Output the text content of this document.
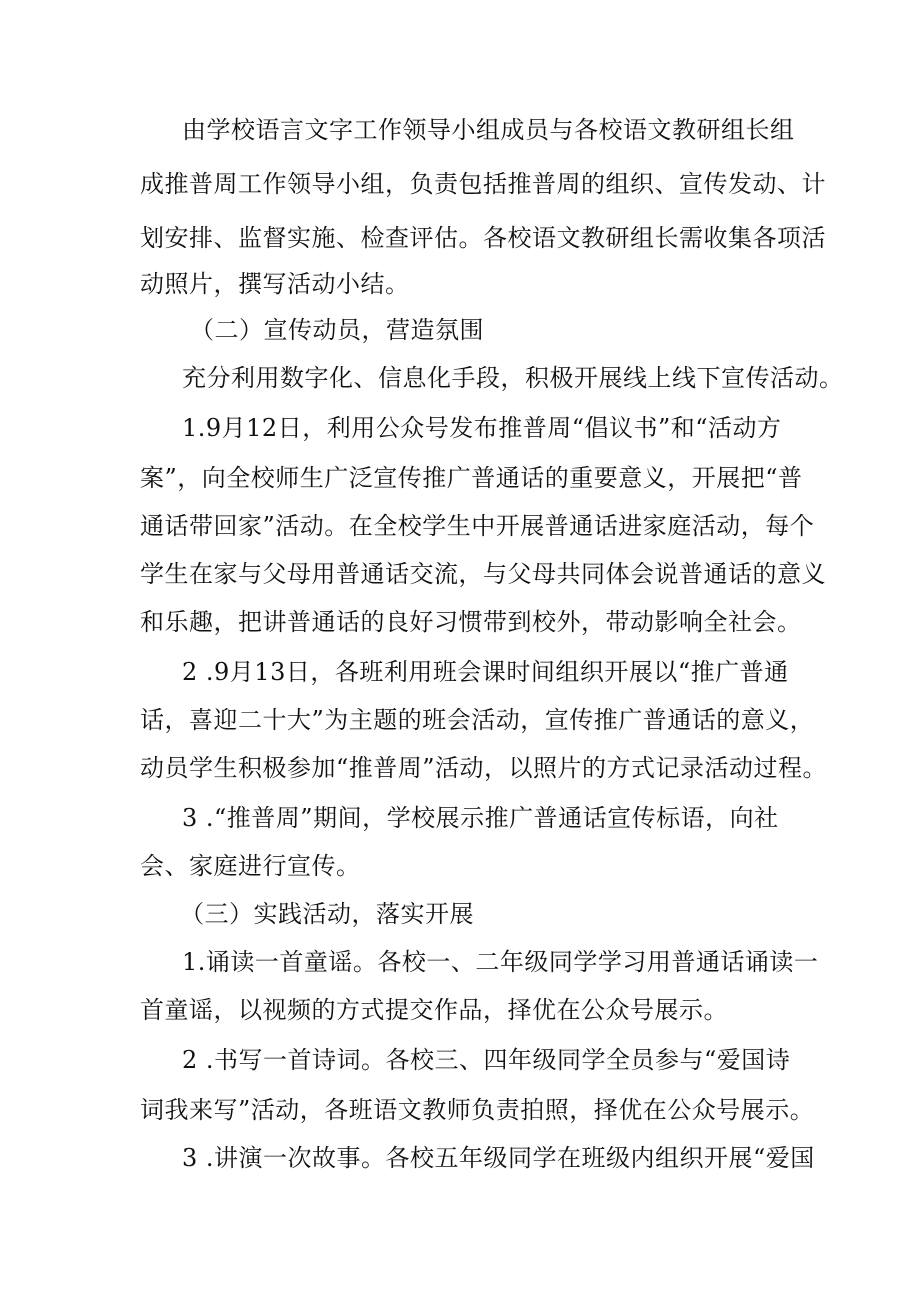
由学校语言文字工作领导小组成员与各校语文教研组长组
成推普周工作领导小组，负责包括推普周的组织、宣传发动、计
划安排、监督实施、检查评估。各校语文教研组长需收集各项活
动照片，撰写活动小结。
（二）宣传动员，营造氛围
充分利用数字化、信息化手段，积极开展线上线下宣传活动。
1.9月12日，利用公众号发布推普周“倡议书”和“活动方
案”，向全校师生广泛宣传推广普通话的重要意义，开展把“普
通话带回家”活动。在全校学生中开展普通话进家庭活动，每个
学生在家与父母用普通话交流，与父母共同体会说普通话的意义
和乐趣，把讲普通话的良好习惯带到校外，带动影响全社会。
2 .9月13日，各班利用班会课时间组织开展以“推广普通
话，喜迎二十大”为主题的班会活动，宣传推广普通话的意义，
动员学生积极参加“推普周”活动，以照片的方式记录活动过程。
3 .“推普周”期间，学校展示推广普通话宣传标语，向社
会、家庭进行宣传。
（三）实践活动，落实开展
1.诵读一首童谣。各校一、二年级同学学习用普通话诵读一
首童谣，以视频的方式提交作品，择优在公众号展示。
2 .书写一首诗词。各校三、四年级同学全员参与“爱国诗
词我来写”活动，各班语文教师负责拍照，择优在公众号展示。
3 .讲演一次故事。各校五年级同学在班级内组织开展“爱国
